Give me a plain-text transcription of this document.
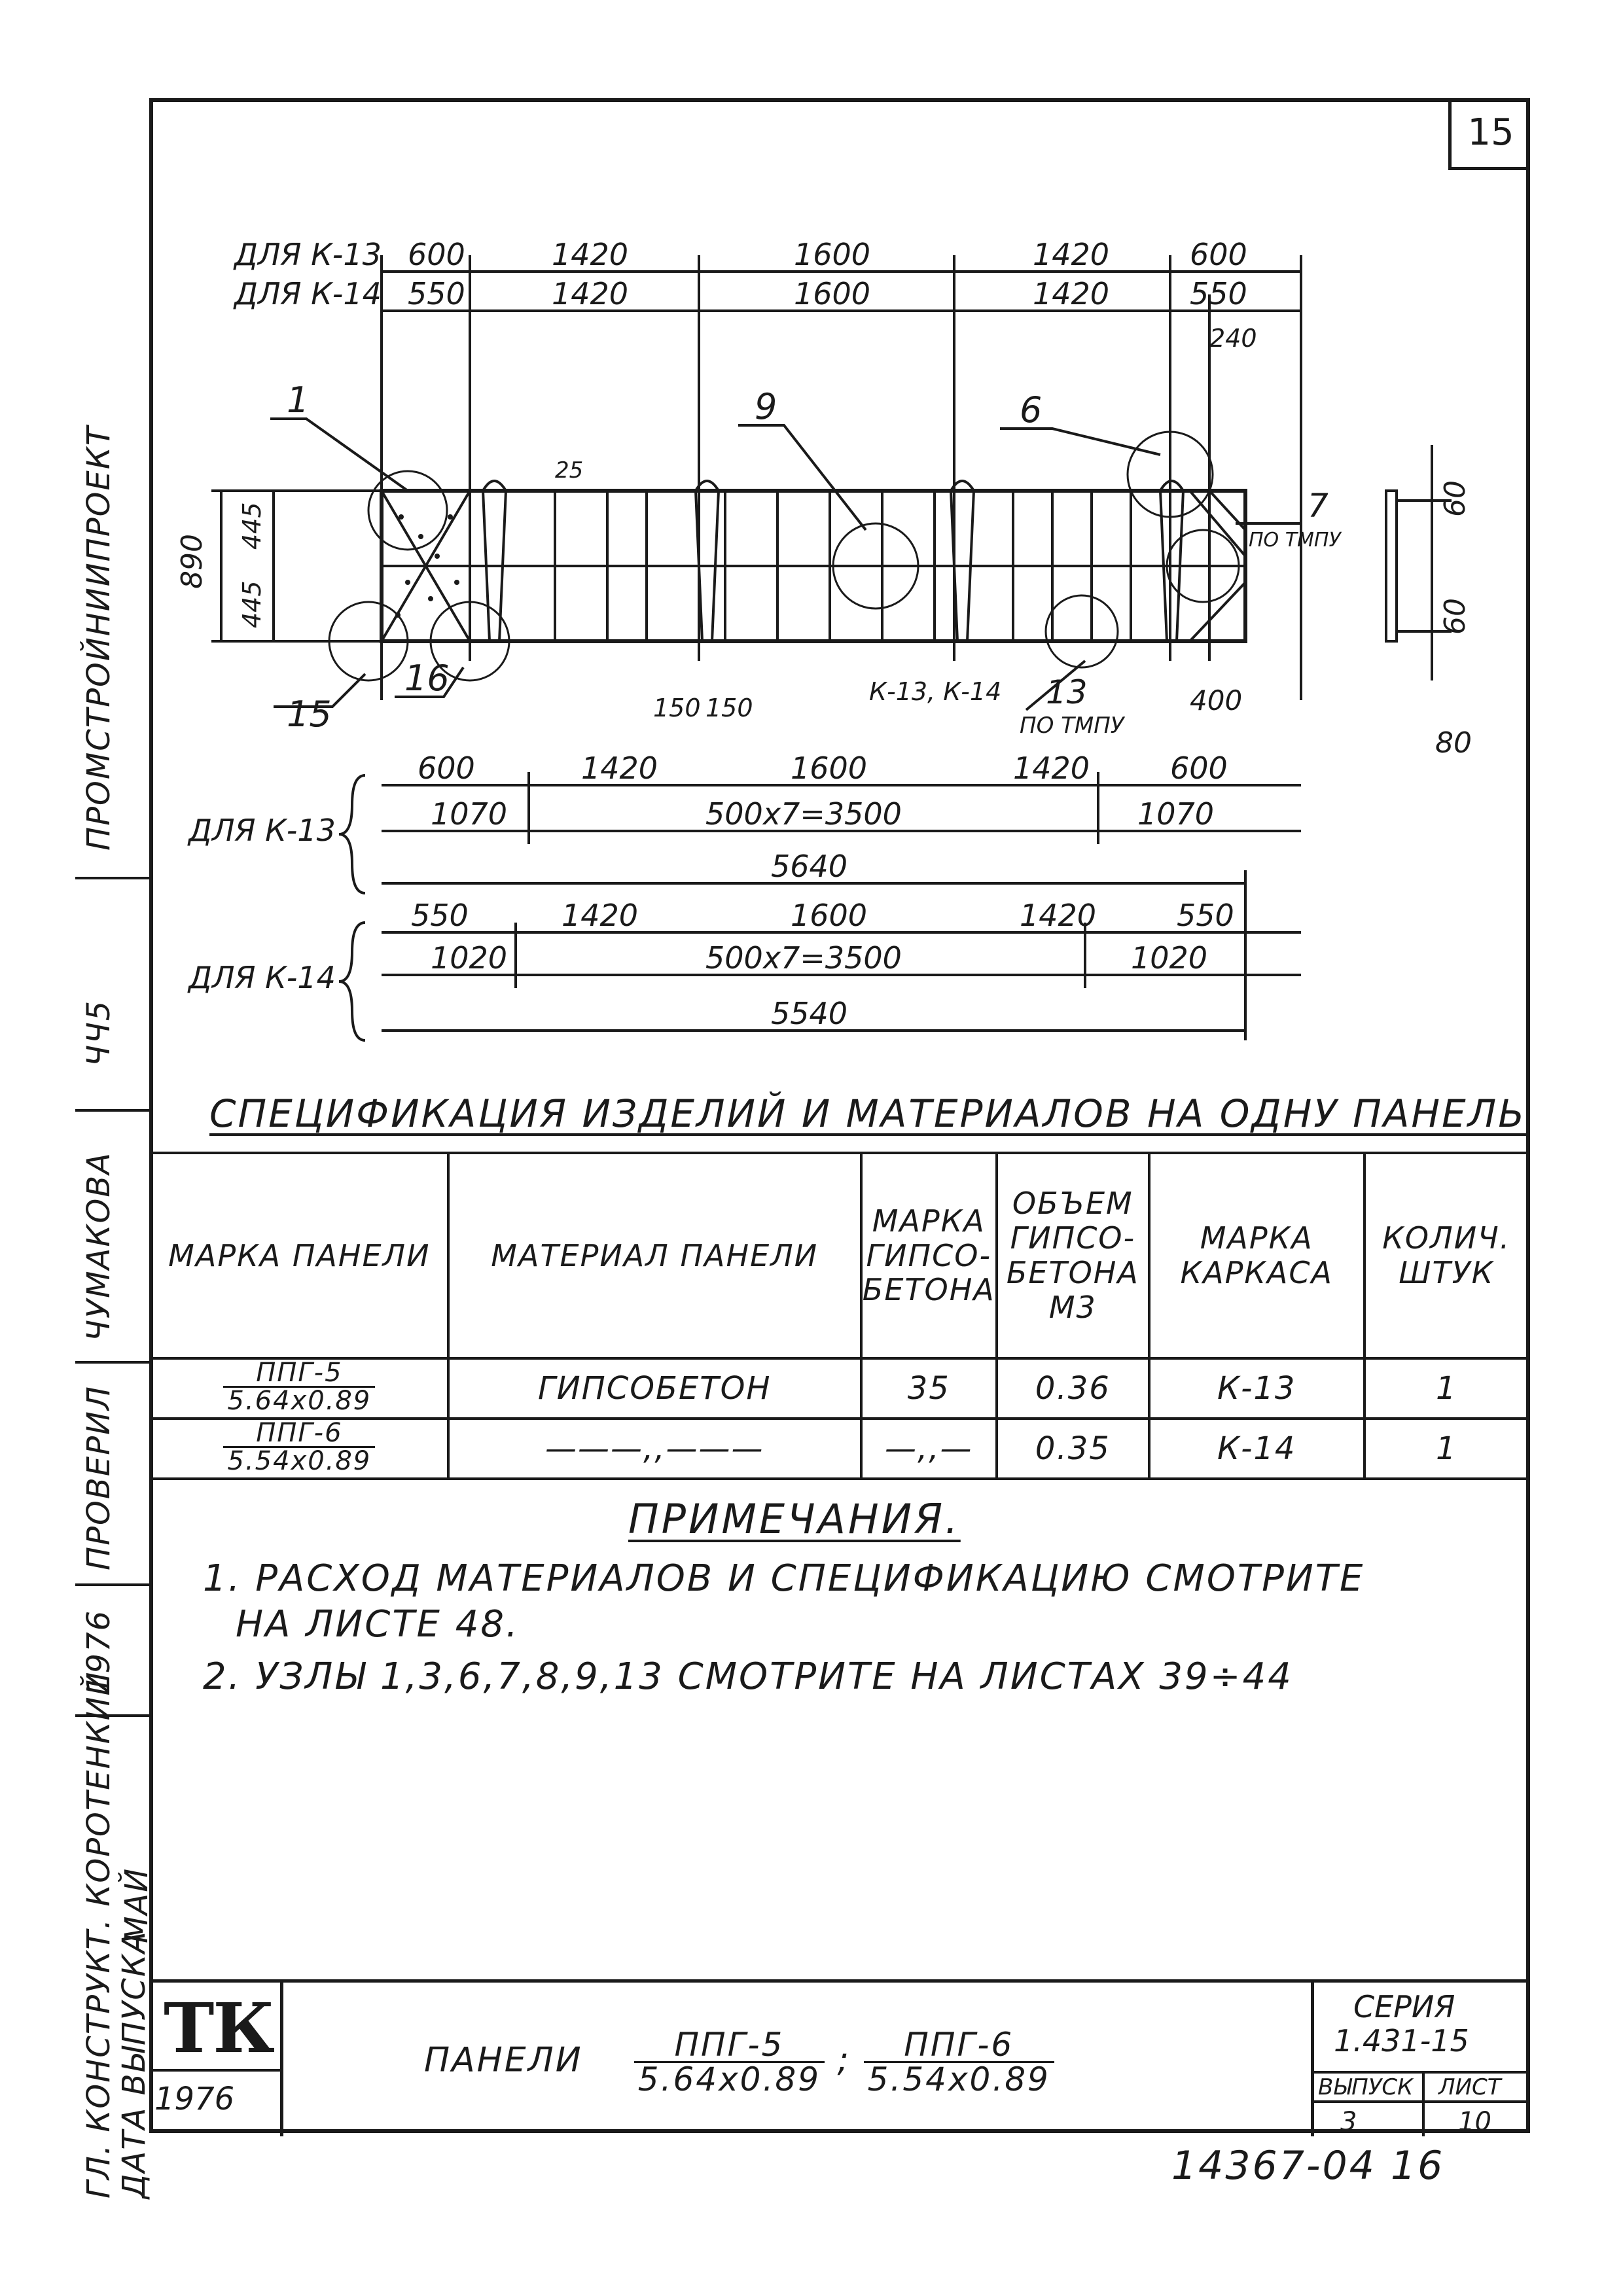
15
ПРОМСТРОЙНИИПРОЕКТ
ЧЧ5
ЧУМАКОВА
ПРОВЕРИЛ
1976
ГЛ. КОНСТРУКТ. КОРОТЕНКИЙ
ДАТА ВЫПУСКА
МАЙ
ДЛЯ К-13
ДЛЯ К-14
600	1420	1600	1420	600
550	1420	1600	1420	550
240
25
1	9	6
15
16
7
ПО ТМПУ
13
ПО ТМПУ
К-13, К-14
890
445
445
150 150	400
60
60
80
ДЛЯ К-13
600	1420	1600	1420	600
1070	500х7=3500	1070
5640
ДЛЯ К-14
550	1420	1600	1420	550
1020	500х7=3500	1020
5540
СПЕЦИФИКАЦИЯ ИЗДЕЛИЙ И МАТЕРИАЛОВ НА ОДНУ ПАНЕЛЬ
МАРКА ПАНЕЛИ	МАТЕРИАЛ ПАНЕЛИ	МАРКА ГИПСО-БЕТОНА	ОБЪЕМ ГИПСО-БЕТОНА М3	МАРКА КАРКАСА	КОЛИЧ. ШТУК

$\frac{\text{ППГ-5}}{5.64х0.89}$	ГИПСОБЕТОН	35	0.36	К-13	1

$\frac{\text{ППГ-6}}{5.54х0.89}$	———,,———	—,,—	0.35	К-14	1
ПРИМЕЧАНИЯ.
1. РАСХОД МАТЕРИАЛОВ И СПЕЦИФИКАЦИЮ СМОТРИТЕ
НА ЛИСТЕ 48.
2. УЗЛЫ 1,3,6,7,8,9,13 СМОТРИТЕ НА ЛИСТАХ 39÷44
ТК
1976
ПАНЕЛИ $\frac{\text{ППГ-5}}{5.64х0.89}$ ; $\frac{\text{ППГ-6}}{5.54х0.89}$
СЕРИЯ
1.431-15
ВЫПУСК ЛИСТ
3	10
14367-04 16
